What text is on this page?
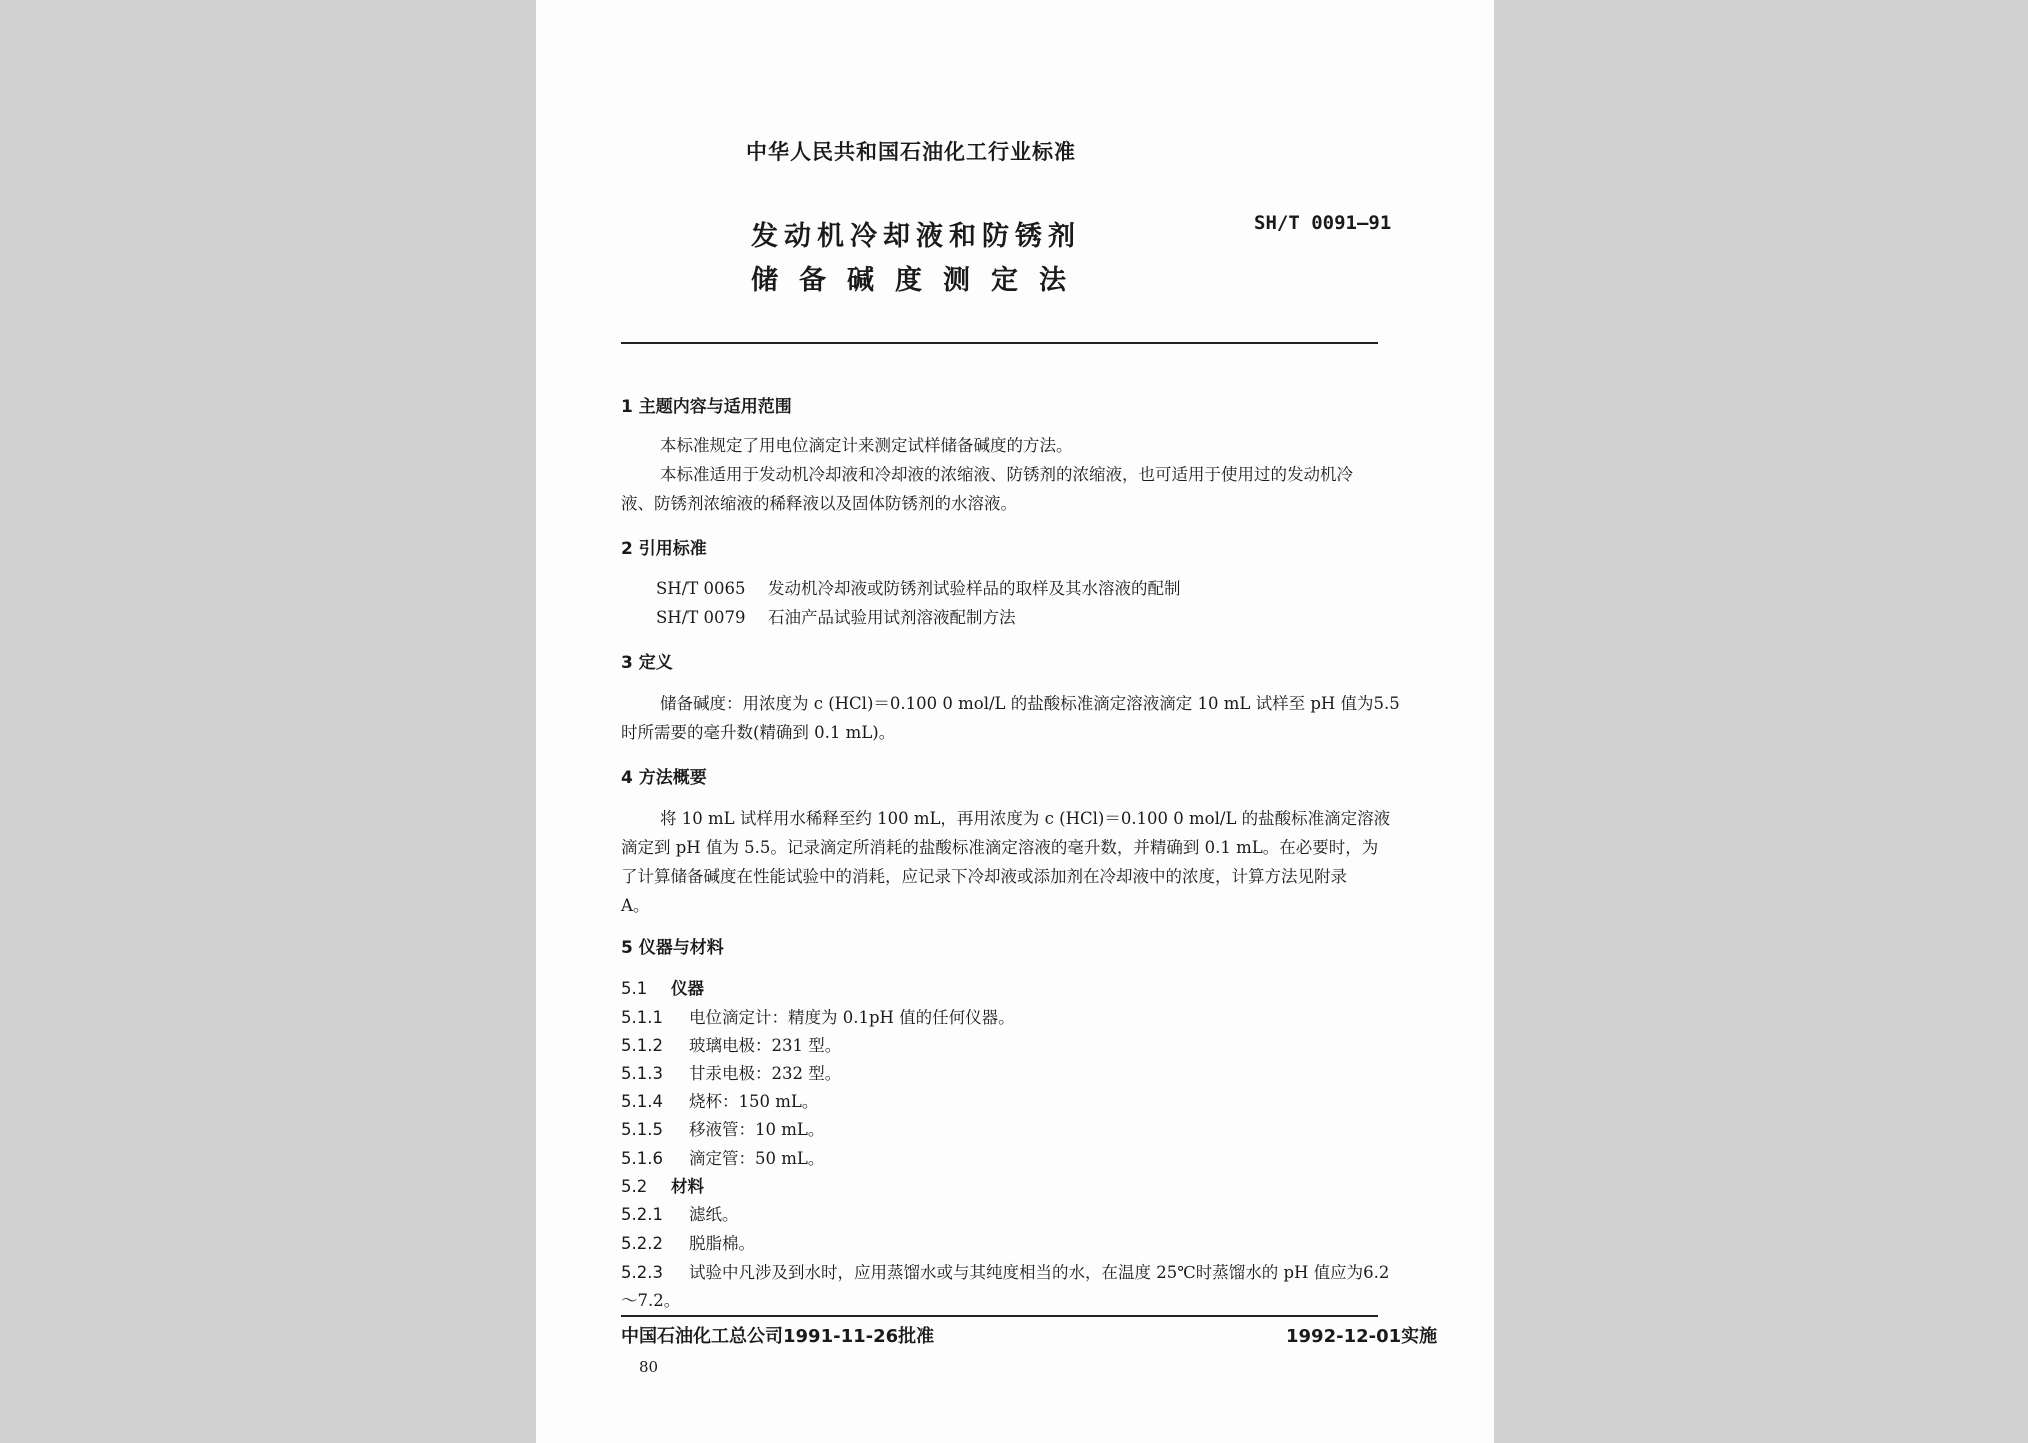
中华人民共和国石油化工行业标准
发动机冷却液和防锈剂
储备碱度测定法
SH/T 0091—91
1 主题内容与适用范围
本标准规定了用电位滴定计来测定试样储备碱度的方法。
本标准适用于发动机冷却液和冷却液的浓缩液、防锈剂的浓缩液，也可适用于使用过的发动机冷
液、防锈剂浓缩液的稀释液以及固体防锈剂的水溶液。
2 引用标准
SH/T 0065 发动机冷却液或防锈剂试验样品的取样及其水溶液的配制
SH/T 0079 石油产品试验用试剂溶液配制方法
3 定义
储备碱度：用浓度为 c (HCl)＝0.100 0 mol/L 的盐酸标准滴定溶液滴定 10 mL 试样至 pH 值为5.5
时所需要的毫升数(精确到 0.1 mL)。
4 方法概要
将 10 mL 试样用水稀释至约 100 mL，再用浓度为 c (HCl)＝0.100 0 mol/L 的盐酸标准滴定溶液
滴定到 pH 值为 5.5。记录滴定所消耗的盐酸标准滴定溶液的毫升数，并精确到 0.1 mL。在必要时，为
了计算储备碱度在性能试验中的消耗，应记录下冷却液或添加剂在冷却液中的浓度，计算方法见附录
A。
5 仪器与材料
5.1 仪器
5.1.1 电位滴定计：精度为 0.1pH 值的任何仪器。
5.1.2 玻璃电极：231 型。
5.1.3 甘汞电极：232 型。
5.1.4 烧杯：150 mL。
5.1.5 移液管：10 mL。
5.1.6 滴定管：50 mL。
5.2 材料
5.2.1 滤纸。
5.2.2 脱脂棉。
5.2.3 试验中凡涉及到水时，应用蒸馏水或与其纯度相当的水，在温度 25℃时蒸馏水的 pH 值应为6.2
～7.2。
中国石油化工总公司1991-11-26批准	1992-12-01实施
80
